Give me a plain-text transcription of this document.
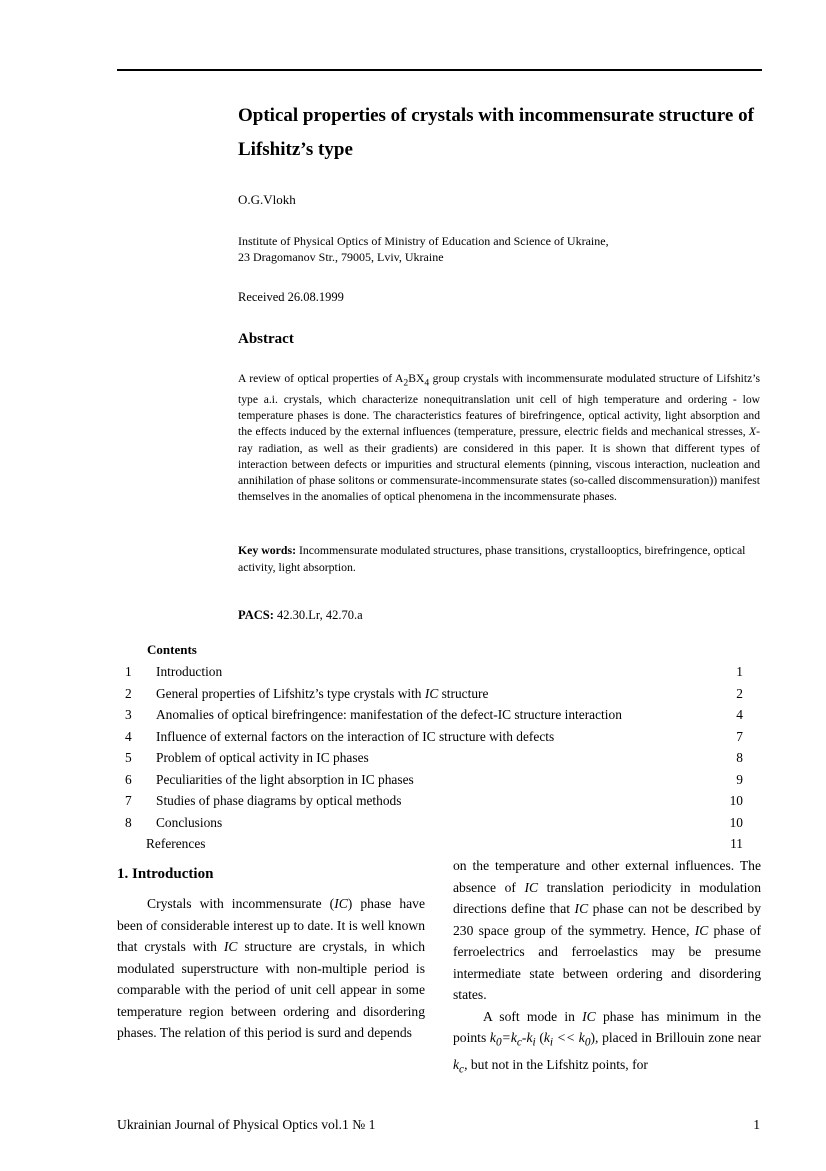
Optical properties of crystals with incommensurate structure of Lifshitz’s type
O.G.Vlokh
Institute of Physical Optics of Ministry of Education and Science of Ukraine,
23 Dragomanov Str., 79005, Lviv, Ukraine
Received 26.08.1999
Abstract
A review of optical properties of $A_2BX_4$ group crystals with incommensurate modulated structure of Lifshitz’s type a.i. crystals, which characterize nonequitranslation unit cell of high temperature and ordering - low temperature phases is done. The characteristics features of birefringence, optical activity, light absorption and the effects induced by the external influences (temperature, pressure, electric fields and mechanical stresses, X-ray radiation, as well as their gradients) are considered in this paper. It is shown that different types of interaction between defects or impurities and structural elements (pinning, viscous interaction, nucleation and annihilation of phase solitons or commensurate-incommensurate states (so-called discommensuration)) manifest themselves in the anomalies of optical phenomena in the incommensurate phases.
Key words: Incommensurate modulated structures, phase transitions, crystallooptics, birefringence, optical activity, light absorption.
PACS: 42.30.Lr, 42.70.a
Contents
1 Introduction	1
2 General properties of Lifshitz’s type crystals with IC structure	2
3 Anomalies of optical birefringence: manifestation of the defect-IC structure interaction	4
4 Influence of external factors on the interaction of IC structure with defects	7
5 Problem of optical activity in IC phases	8
6 Peculiarities of the light absorption in IC phases	9
7 Studies of phase diagrams by optical methods	10
8 Conclusions	10
References	11
1. Introduction
Crystals with incommensurate (IC) phase have been of considerable interest up to date. It is well known that crystals with IC structure are crystals, in which modulated superstructure with non-multiple period is comparable with the period of unit cell appear in some temperature region between ordering and disordering phases. The relation of this period is surd and depends
on the temperature and other external influences. The absence of IC translation periodicity in modulation directions define that IC phase can not be described by 230 space group of the symmetry. Hence, IC phase of ferroelectrics and ferroelastics may be presume intermediate state between ordering and disordering states.
A soft mode in IC phase has minimum in the points $k_0=k_c-k_i$ $(k_i << k_0)$, placed in Brillouin zone near $k_c$, but not in the Lifshitz points, for
Ukrainian Journal of Physical Optics vol.1 № 1	1
